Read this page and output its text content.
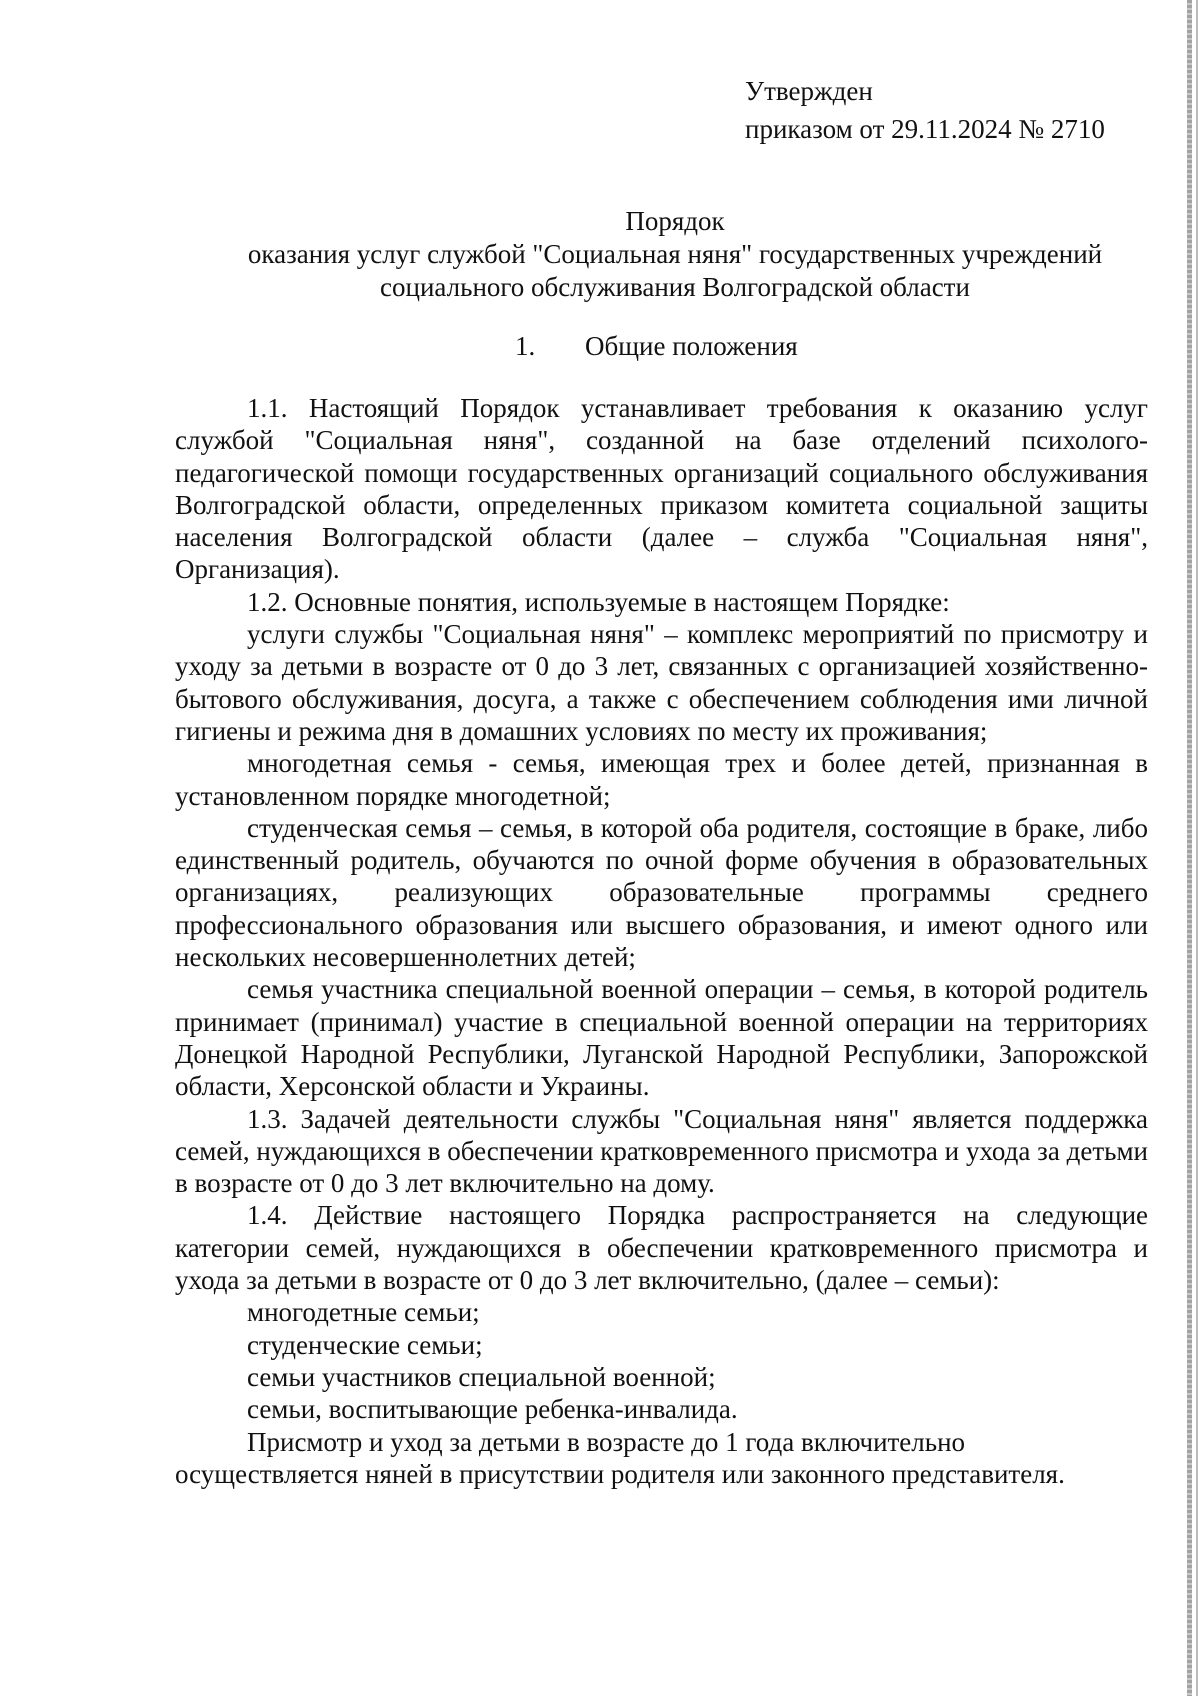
Утвержден
приказом от 29.11.2024 № 2710
Порядок
оказания услуг службой "Социальная няня" государственных учреждений
социального обслуживания Волгоградской области
1. Общие положения

1.1. Настоящий Порядок устанавливает требования к оказанию услуг службой "Социальная няня", созданной на базе отделений психолого-педагогической помощи государственных организаций социального обслуживания Волгоградской области, определенных приказом комитета социальной защиты населения Волгоградской области (далее – служба "Социальная няня", Организация).

1.2. Основные понятия, используемые в настоящем Порядке:

услуги службы "Социальная няня" – комплекс мероприятий по присмотру и уходу за детьми в возрасте от 0 до 3 лет, связанных с организацией хозяйственно-бытового обслуживания, досуга, а также с обеспечением соблюдения ими личной гигиены и режима дня в домашних условиях по месту их проживания;

многодетная семья - семья, имеющая трех и более детей, признанная в установленном порядке многодетной;

студенческая семья – семья, в которой оба родителя, состоящие в браке, либо единственный родитель, обучаются по очной форме обучения в образовательных организациях, реализующих образовательные программы среднего профессионального образования или высшего образования, и имеют одного или нескольких несовершеннолетних детей;

семья участника специальной военной операции – семья, в которой родитель принимает (принимал) участие в специальной военной операции на территориях Донецкой Народной Республики, Луганской Народной Республики, Запорожской области, Херсонской области и Украины.

1.3. Задачей деятельности службы "Социальная няня" является поддержка семей, нуждающихся в обеспечении кратковременного присмотра и ухода за детьми в возрасте от 0 до 3 лет включительно на дому.

1.4. Действие настоящего Порядка распространяется на следующие категории семей, нуждающихся в обеспечении кратковременного присмотра и ухода за детьми в возрасте от 0 до 3 лет включительно, (далее – семьи):

многодетные семьи;

студенческие семьи;

семьи участников специальной военной;

семьи, воспитывающие ребенка-инвалида.

Присмотр и уход за детьми в возрасте до 1 года включительно осуществляется няней в присутствии родителя или законного представителя.
